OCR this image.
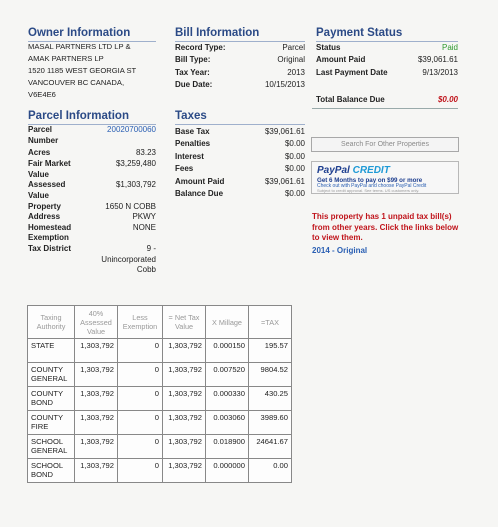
Owner Information
MASAL PARTNERS LTD LP &
AMAK PARTNERS LP
1520 1185 WEST GEORGIA ST
VANCOUVER BC CANADA,
V6E4E6
Bill Information
Record Type:	Parcel
Bill Type:	Original
Tax Year:	2013
Due Date:	10/15/2013
Payment Status
Status	Paid
Amount Paid	$39,061.61
Last Payment Date	9/13/2013
Total Balance Due	$0.00
Parcel Information
Parcel	20020700060
Number
Acres	83.23
Fair Market	$3,259,480
Value
Assessed	$1,303,792
Value
Property	1650 N COBB
Address	PKWY
Homestead	NONE
Exemption
Tax District	9 -
Unincorporated
Cobb
Taxes
Base Tax	$39,061.61
Penalties	$0.00
Interest	$0.00
Fees	$0.00
Amount Paid	$39,061.61
Balance Due	$0.00
Search For Other Properties
PayPal CREDIT
Get 6 Months to pay on $99 or more
Check out with PayPal and choose PayPal Credit
Subject to credit approval. See terms. US customers only.
This property has 1 unpaid tax bill(s) from other years. Click the links below to view them.
2014 - Original
Taxing Authority	40% Assessed Value	Less Exemption	= Net Tax Value	X Millage	=TAX
STATE	1,303,792	0	1,303,792	0.000150	195.57
COUNTY GENERAL	1,303,792	0	1,303,792	0.007520	9804.52
COUNTY BOND	1,303,792	0	1,303,792	0.000330	430.25
COUNTY FIRE	1,303,792	0	1,303,792	0.003060	3989.60
SCHOOL GENERAL	1,303,792	0	1,303,792	0.018900	24641.67
SCHOOL BOND	1,303,792	0	1,303,792	0.000000	0.00
